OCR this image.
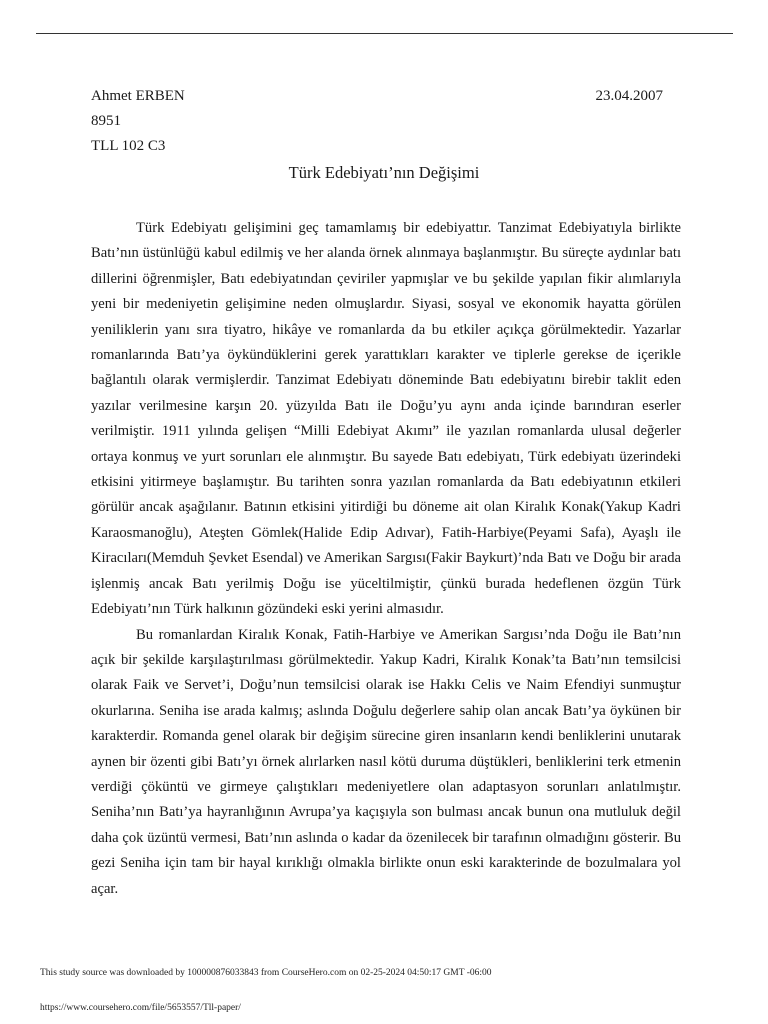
Ahmet ERBEN	23.04.2007
8951
TLL 102 C3
Türk Edebiyatı’nın Değişimi

Türk Edebiyatı gelişimini geç tamamlamış bir edebiyattır. Tanzimat Edebiyatıyla birlikte Batı’nın üstünlüğü kabul edilmiş ve her alanda örnek alınmaya başlanmıştır. Bu süreçte aydınlar batı dillerini öğrenmişler, Batı edebiyatından çeviriler yapmışlar ve bu şekilde yapılan fikir alımlarıyla yeni bir medeniyetin gelişimine neden olmuşlardır. Siyasi, sosyal ve ekonomik hayatta görülen yeniliklerin yanı sıra tiyatro, hikâye ve romanlarda da bu etkiler açıkça görülmektedir. Yazarlar romanlarında Batı’ya öykündüklerini gerek yarattıkları karakter ve tiplerle gerekse de içerikle bağlantılı olarak vermişlerdir. Tanzimat Edebiyatı döneminde Batı edebiyatını birebir taklit eden yazılar verilmesine karşın 20. yüzyılda Batı ile Doğu’yu aynı anda içinde barındıran eserler verilmiştir. 1911 yılında gelişen “Milli Edebiyat Akımı” ile yazılan romanlarda ulusal değerler ortaya konmuş ve yurt sorunları ele alınmıştır. Bu sayede Batı edebiyatı, Türk edebiyatı üzerindeki etkisini yitirmeye başlamıştır. Bu tarihten sonra yazılan romanlarda da Batı edebiyatının etkileri görülür ancak aşağılanır. Batının etkisini yitirdiği bu döneme ait olan Kiralık Konak(Yakup Kadri Karaosmanoğlu), Ateşten Gömlek(Halide Edip Adıvar), Fatih-Harbiye(Peyami Safa), Ayaşlı ile Kiracıları(Memduh Şevket Esendal) ve Amerikan Sargısı(Fakir Baykurt)’nda Batı ve Doğu bir arada işlenmiş ancak Batı yerilmiş Doğu ise yüceltilmiştir, çünkü burada hedeflenen özgün Türk Edebiyatı’nın Türk halkının gözündeki eski yerini almasıdır.

Bu romanlardan Kiralık Konak, Fatih-Harbiye ve Amerikan Sargısı’nda Doğu ile Batı’nın açık bir şekilde karşılaştırılması görülmektedir. Yakup Kadri, Kiralık Konak’ta Batı’nın temsilcisi olarak Faik ve Servet’i, Doğu’nun temsilcisi olarak ise Hakkı Celis ve Naim Efendiyi sunmuştur okurlarına. Seniha ise arada kalmış; aslında Doğulu değerlere sahip olan ancak Batı’ya öykünen bir karakterdir. Romanda genel olarak bir değişim sürecine giren insanların kendi benliklerini unutarak aynen bir özenti gibi Batı’yı örnek alırlarken nasıl kötü duruma düştükleri, benliklerini terk etmenin verdiği çöküntü ve girmeye çalıştıkları medeniyetlere olan adaptasyon sorunları anlatılmıştır. Seniha’nın Batı’ya hayranlığının Avrupa’ya kaçışıyla son bulması ancak bunun ona mutluluk değil daha çok üzüntü vermesi, Batı’nın aslında o kadar da özenilecek bir tarafının olmadığını gösterir. Bu gezi Seniha için tam bir hayal kırıklığı olmakla birlikte onun eski karakterinde de bozulmalara yol açar.

This study source was downloaded by 100000876033843 from CourseHero.com on 02-25-2024 04:50:17 GMT -06:00
https://www.coursehero.com/file/5653557/Tll-paper/
